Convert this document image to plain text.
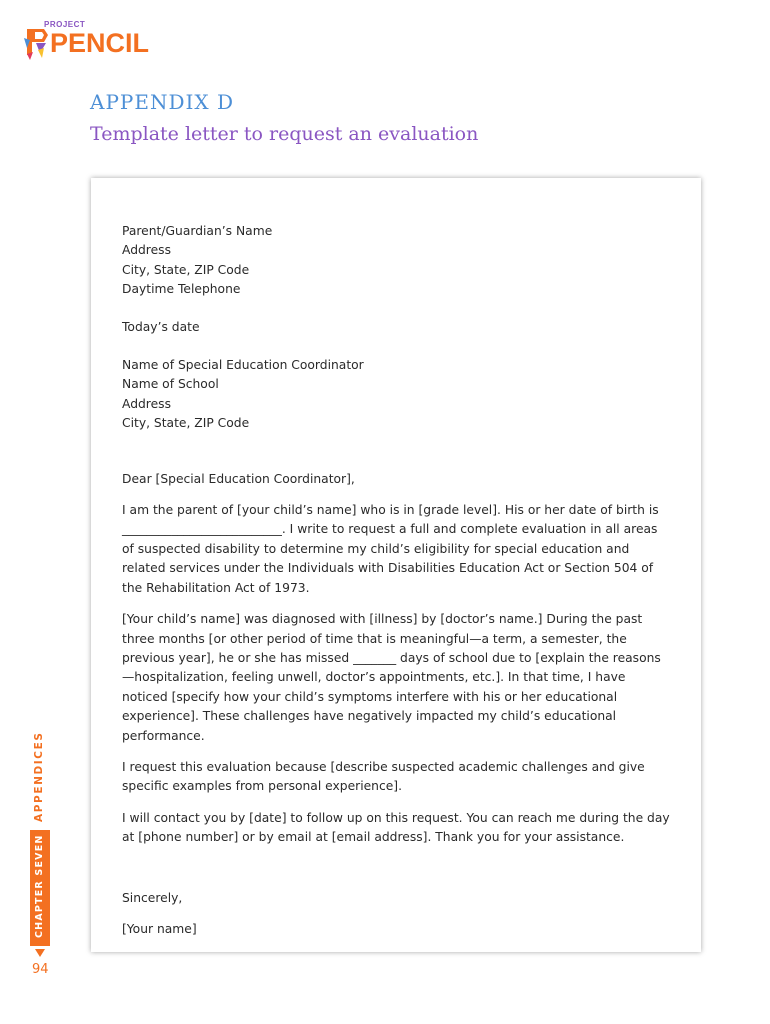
PROJECT
PENCIL
APPENDIX D
Template letter to request an evaluation

Parent/Guardian’s Name

Address

City, State, ZIP Code

Daytime Telephone

Today’s date

Name of Special Education Coordinator

Name of School

Address

City, State, ZIP Code

Dear [Special Education Coordinator],

I am the parent of [your child’s name] who is in [grade level]. His or her date of birth is __________________________. I write to request a full and complete evaluation in all areas of suspected disability to determine my child’s eligibility for special education and related services under the Individuals with Disabilities Education Act or Section 504 of the Rehabilitation Act of 1973.

[Your child’s name] was diagnosed with [illness] by [doctor’s name.] During the past three months [or other period of time that is meaningful—a term, a semester, the previous year], he or she has missed _______ days of school due to [explain the reasons—hospitalization, feeling unwell, doctor’s appointments, etc.]. In that time, I have noticed [specify how your child’s symptoms interfere with his or her educational experience]. These challenges have negatively impacted my child’s educational performance.

I request this evaluation because [describe suspected academic challenges and give specific examples from personal experience].

I will contact you by [date] to follow up on this request. You can reach me during the day at [phone number] or by email at [email address]. Thank you for your assistance.

Sincerely,

[Your name]

APPENDICES
CHAPTER SEVEN
94
